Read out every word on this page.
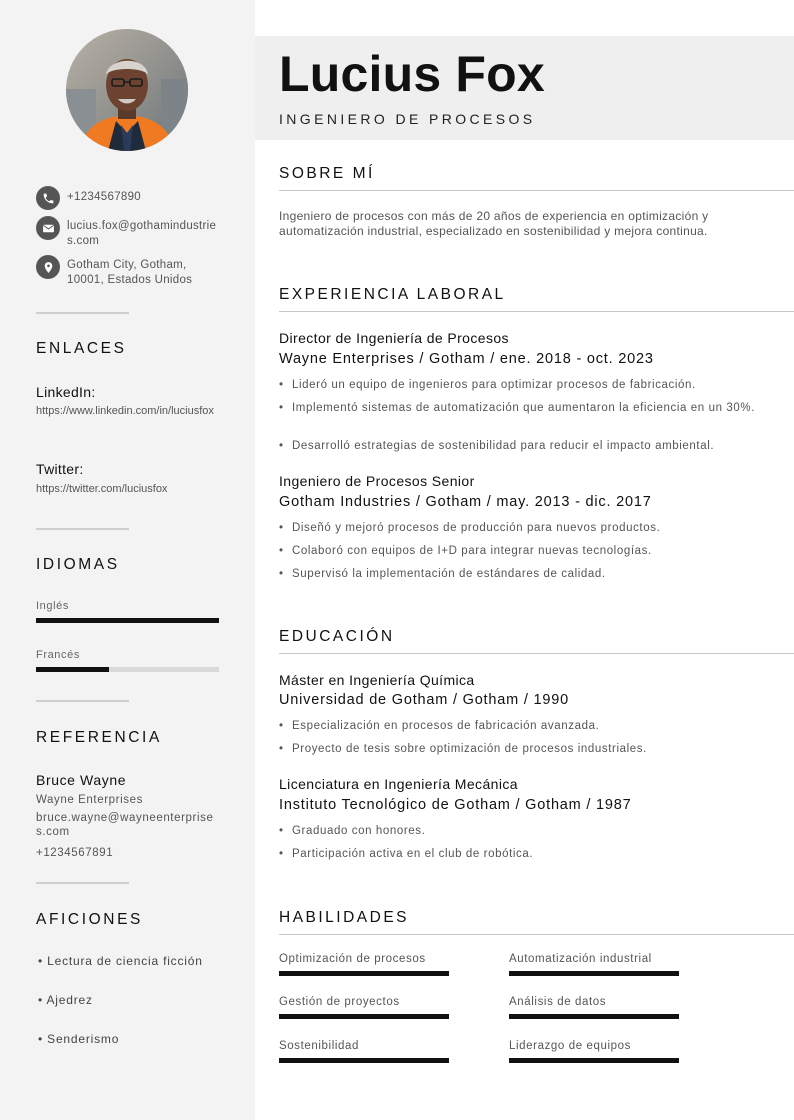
+1234567890
lucius.fox@gothamindustries.com
Gotham City, Gotham, 10001, Estados Unidos
ENLACES
LinkedIn:
https://www.linkedin.com/in/luciusfox
Twitter:
https://twitter.com/luciusfox
IDIOMAS
Inglés
Francés
REFERENCIA
Bruce Wayne
Wayne Enterprises
bruce.wayne@wayneenterprises.com
+1234567891
AFICIONES
• Lectura de ciencia ficción
• Ajedrez
• Senderismo
Lucius Fox
INGENIERO DE PROCESOS
SOBRE MÍ
Ingeniero de procesos con más de 20 años de experiencia en optimización y automatización industrial, especializado en sostenibilidad y mejora continua.
EXPERIENCIA LABORAL
Director de Ingeniería de Procesos
Wayne Enterprises / Gotham / ene. 2018 - oct. 2023
• Lideró un equipo de ingenieros para optimizar procesos de fabricación.
• Implementó sistemas de automatización que aumentaron la eficiencia en un 30%.
• Desarrolló estrategias de sostenibilidad para reducir el impacto ambiental.
Ingeniero de Procesos Senior
Gotham Industries / Gotham / may. 2013 - dic. 2017
• Diseñó y mejoró procesos de producción para nuevos productos.
• Colaboró con equipos de I+D para integrar nuevas tecnologías.
• Supervisó la implementación de estándares de calidad.
EDUCACIÓN
Máster en Ingeniería Química
Universidad de Gotham / Gotham / 1990
• Especialización en procesos de fabricación avanzada.
• Proyecto de tesis sobre optimización de procesos industriales.
Licenciatura en Ingeniería Mecánica
Instituto Tecnológico de Gotham / Gotham / 1987
• Graduado con honores.
• Participación activa en el club de robótica.
HABILIDADES
Optimización de procesos	Automatización industrial
Gestión de proyectos	Análisis de datos
Sostenibilidad	Liderazgo de equipos
